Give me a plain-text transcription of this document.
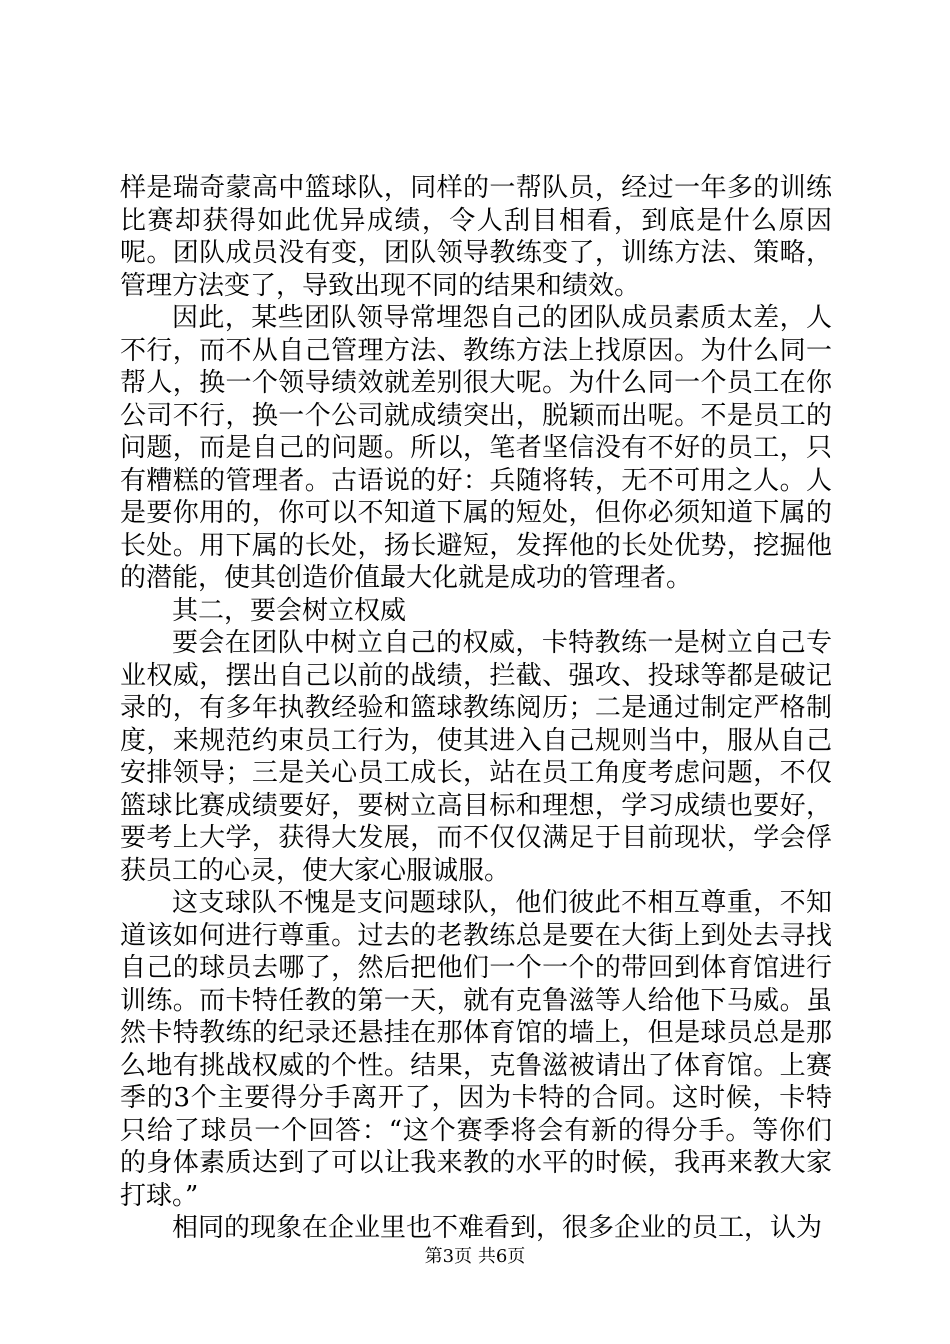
样是瑞奇蒙高中篮球队，同样的一帮队员，经过一年多的训练比赛却获得如此优异成绩，令人刮目相看，到底是什么原因呢。团队成员没有变，团队领导教练变了，训练方法、策略，管理方法变了，导致出现不同的结果和绩效。

因此，某些团队领导常埋怨自己的团队成员素质太差，人不行，而不从自己管理方法、教练方法上找原因。为什么同一帮人，换一个领导绩效就差别很大呢。为什么同一个员工在你公司不行，换一个公司就成绩突出，脱颖而出呢。不是员工的问题，而是自己的问题。所以，笔者坚信没有不好的员工，只有糟糕的管理者。古语说的好：兵随将转，无不可用之人。人是要你用的，你可以不知道下属的短处，但你必须知道下属的长处。用下属的长处，扬长避短，发挥他的长处优势，挖掘他的潜能，使其创造价值最大化就是成功的管理者。

其二，要会树立权威

要会在团队中树立自己的权威，卡特教练一是树立自己专业权威，摆出自己以前的战绩，拦截、强攻、投球等都是破记录的，有多年执教经验和篮球教练阅历；二是通过制定严格制度，来规范约束员工行为，使其进入自己规则当中，服从自己安排领导；三是关心员工成长，站在员工角度考虑问题，不仅篮球比赛成绩要好，要树立高目标和理想，学习成绩也要好，要考上大学，获得大发展，而不仅仅满足于目前现状，学会俘获员工的心灵，使大家心服诚服。

这支球队不愧是支问题球队，他们彼此不相互尊重，不知道该如何进行尊重。过去的老教练总是要在大街上到处去寻找自己的球员去哪了，然后把他们一个一个的带回到体育馆进行训练。而卡特任教的第一天，就有克鲁滋等人给他下马威。虽然卡特教练的纪录还悬挂在那体育馆的墙上，但是球员总是那么地有挑战权威的个性。结果，克鲁滋被请出了体育馆。上赛季的3个主要得分手离开了，因为卡特的合同。这时候，卡特只给了球员一个回答：“这个赛季将会有新的得分手。等你们的身体素质达到了可以让我来教的水平的时候，我再来教大家打球。”

相同的现象在企业里也不难看到，很多企业的员工，认为

第3页 共6页
